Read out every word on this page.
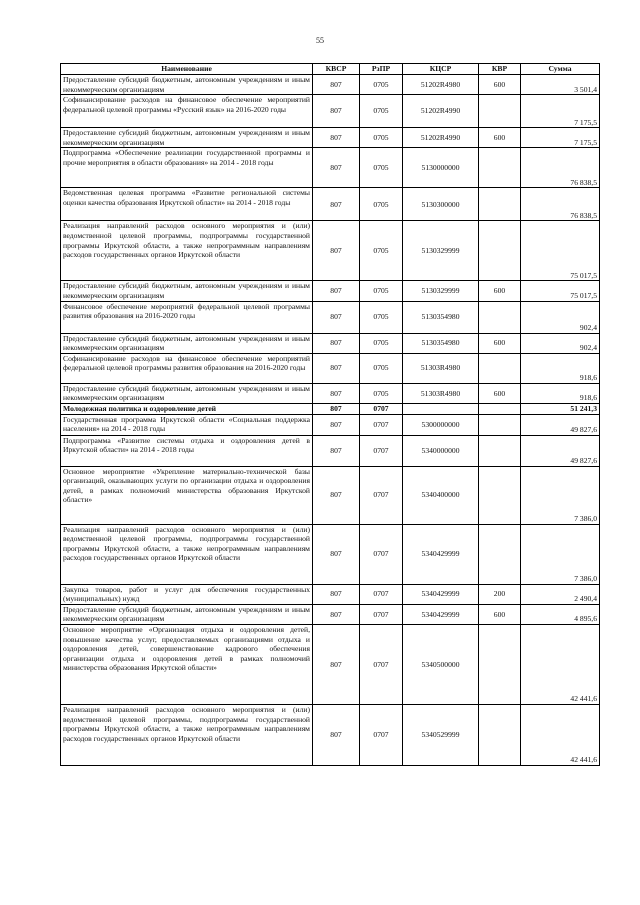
55
Наименование	КВСР	РзПР	КЦСР	КВР	Сумма
Предоставление субсидий бюджетным, автономным учреждениям и иным некоммерческим организациям	807	0705	51202R4980	600	3 501,4
Софинансирование расходов на финансовое обеспечение мероприятий федеральной целевой программы «Русский язык» на 2016-2020 годы	807	0705	51202R4990		7 175,5
Предоставление субсидий бюджетным, автономным учреждениям и иным некоммерческим организациям	807	0705	51202R4990	600	7 175,5
Подпрограмма «Обеспечение реализации государственной программы и прочие мероприятия в области образования» на 2014 - 2018 годы	807	0705	5130000000		76 838,5
Ведомственная целевая программа «Развитие региональной системы оценки качества образования Иркутской области» на 2014 - 2018 годы	807	0705	5130300000		76 838,5
Реализация направлений расходов основного мероприятия и (или) ведомственной целевой программы, подпрограммы государственной программы Иркутской области, а также непрограммным направлениям расходов государственных органов Иркутской области	807	0705	5130329999		75 017,5
Предоставление субсидий бюджетным, автономным учреждениям и иным некоммерческим организациям	807	0705	5130329999	600	75 017,5
Финансовое обеспечение мероприятий федеральной целевой программы развития образования на 2016-2020 годы	807	0705	5130354980		902,4
Предоставление субсидий бюджетным, автономным учреждениям и иным некоммерческим организациям	807	0705	5130354980	600	902,4
Софинансирование расходов на финансовое обеспечение мероприятий федеральной целевой программы развития образования на 2016-2020 годы	807	0705	51303R4980		918,6
Предоставление субсидий бюджетным, автономным учреждениям и иным некоммерческим организациям	807	0705	51303R4980	600	918,6
Молодежная политика и оздоровление детей	807	0707			51 241,3
Государственная программа Иркутской области «Социальная поддержка населения» на 2014 - 2018 годы	807	0707	5300000000		49 827,6
Подпрограмма «Развитие системы отдыха и оздоровления детей в Иркутской области» на 2014 - 2018 годы	807	0707	5340000000		49 827,6
Основное мероприятие «Укрепление материально-технической базы организаций, оказывающих услуги по организации отдыха и оздоровления детей, в рамках полномочий министерства образования Иркутской области»	807	0707	5340400000		7 386,0
Реализация направлений расходов основного мероприятия и (или) ведомственной целевой программы, подпрограммы государственной программы Иркутской области, а также непрограммным направлениям расходов государственных органов Иркутской области	807	0707	5340429999		7 386,0
Закупка товаров, работ и услуг для обеспечения государственных (муниципальных) нужд	807	0707	5340429999	200	2 490,4
Предоставление субсидий бюджетным, автономным учреждениям и иным некоммерческим организациям	807	0707	5340429999	600	4 895,6
Основное мероприятие «Организация отдыха и оздоровления детей, повышение качества услуг, предоставляемых организациями отдыха и оздоровления детей, совершенствование кадрового обеспечения организации отдыха и оздоровления детей в рамках полномочий министерства образования Иркутской области»	807	0707	5340500000		42 441,6
Реализация направлений расходов основного мероприятия и (или) ведомственной целевой программы, подпрограммы государственной программы Иркутской области, а также непрограммным направлениям расходов государственных органов Иркутской области	807	0707	5340529999		42 441,6
